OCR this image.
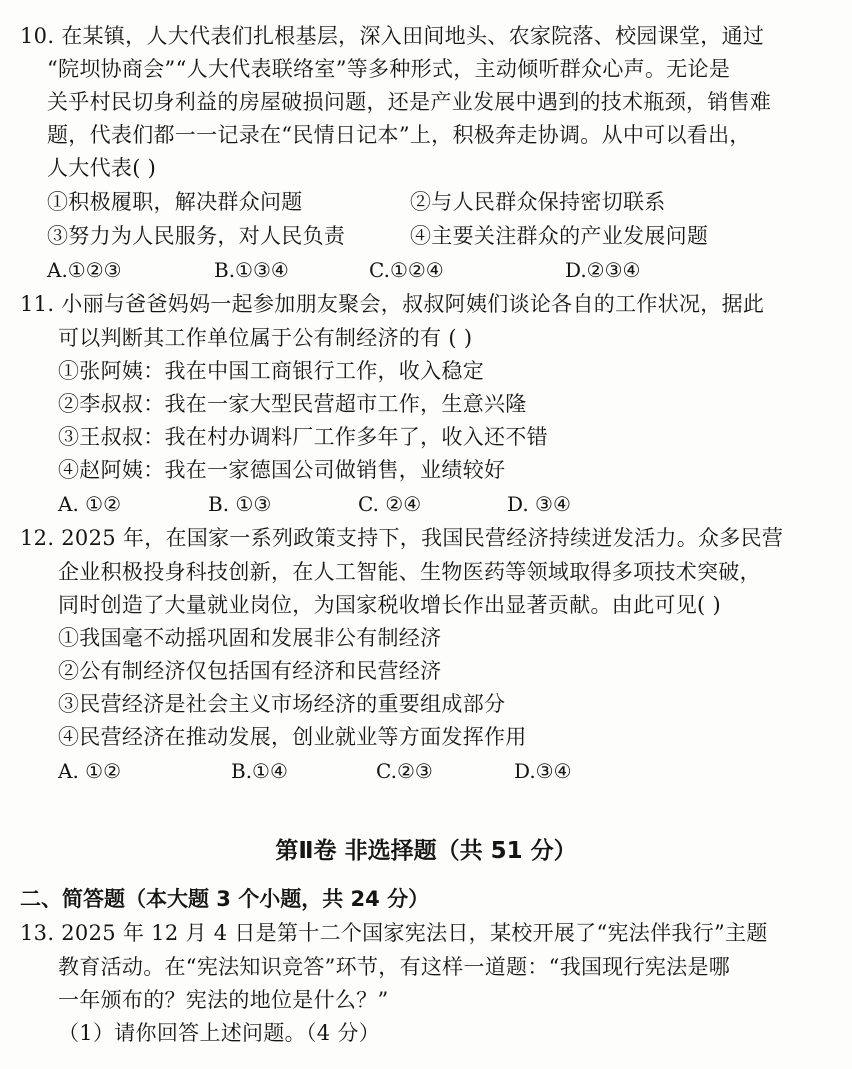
10. 在某镇，人大代表们扎根基层，深入田间地头、农家院落、校园课堂，通过
“院坝协商会”“人大代表联络室”等多种形式，主动倾听群众心声。无论是
关乎村民切身利益的房屋破损问题，还是产业发展中遇到的技术瓶颈，销售难
题，代表们都一一记录在“民情日记本”上，积极奔走协调。从中可以看出，
人大代表( )
①积极履职，解决群众问题	②与人民群众保持密切联系
③努力为人民服务，对人民负责	④主要关注群众的产业发展问题
A.①②③	B.①③④	C.①②④	D.②③④
11. 小丽与爸爸妈妈一起参加朋友聚会，叔叔阿姨们谈论各自的工作状况，据此
可以判断其工作单位属于公有制经济的有 ( )
①张阿姨：我在中国工商银行工作，收入稳定
②李叔叔：我在一家大型民营超市工作，生意兴隆
③王叔叔：我在村办调料厂工作多年了，收入还不错
④赵阿姨：我在一家德国公司做销售，业绩较好
A. ①②	B. ①③	C. ②④	D. ③④
12. 2025 年，在国家一系列政策支持下，我国民营经济持续迸发活力。众多民营
企业积极投身科技创新，在人工智能、生物医药等领域取得多项技术突破，
同时创造了大量就业岗位，为国家税收增长作出显著贡献。由此可见( )
①我国毫不动摇巩固和发展非公有制经济
②公有制经济仅包括国有经济和民营经济
③民营经济是社会主义市场经济的重要组成部分
④民营经济在推动发展，创业就业等方面发挥作用
A. ①②	B.①④	C.②③	D.③④
第Ⅱ卷 非选择题（共 51 分）
二、简答题（本大题 3 个小题，共 24 分）
13. 2025 年 12 月 4 日是第十二个国家宪法日，某校开展了“宪法伴我行”主题
教育活动。在“宪法知识竞答”环节，有这样一道题：“我国现行宪法是哪
一年颁布的？宪法的地位是什么？”
（1）请你回答上述问题。（4 分）
